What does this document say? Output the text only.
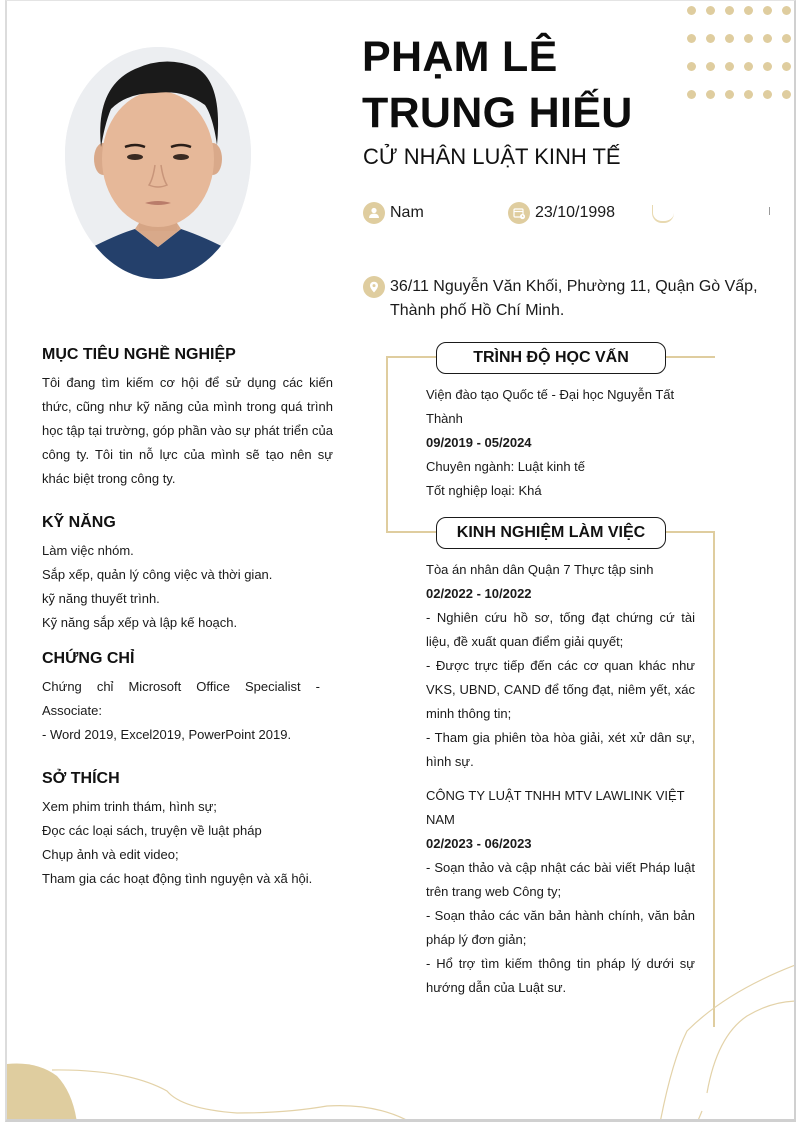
PHẠM LÊ
TRUNG HIẾU
CỬ NHÂN LUẬT KINH TẾ
Nam	23/10/1998
36/11 Nguyễn Văn Khối, Phường 11, Quận Gò Vấp,
Thành phố Hồ Chí Minh.
MỤC TIÊU NGHỀ NGHIỆP

Tôi đang tìm kiếm cơ hội để sử dụng các kiến thức, cũng như kỹ năng của mình trong quá trình học tập tại trường, góp phần vào sự phát triển của công ty. Tôi tin nỗ lực của mình sẽ tạo nên sự khác biệt trong công ty.

KỸ NĂNG

Làm việc nhóm.

Sắp xếp, quản lý công việc và thời gian.

kỹ năng thuyết trình.

Kỹ năng sắp xếp và lập kế hoạch.

CHỨNG CHỈ

Chứng chỉ Microsoft Office Specialist - Associate:

- Word 2019, Excel2019, PowerPoint 2019.

SỞ THÍCH

Xem phim trinh thám, hình sự;

Đọc các loại sách, truyện về luật pháp

Chụp ảnh và edit video;

Tham gia các hoạt động tình nguyện và xã hội.

TRÌNH ĐỘ HỌC VẤN

Viện đào tạo Quốc tế - Đại học Nguyễn Tất Thành

09/2019 - 05/2024

Chuyên ngành: Luật kinh tế

Tốt nghiệp loại: Khá

KINH NGHIỆM LÀM VIỆC

Tòa án nhân dân Quận 7 Thực tập sinh

02/2022 - 10/2022

- Nghiên cứu hồ sơ, tống đạt chứng cứ tài liệu, đề xuất quan điểm giải quyết;

- Được trực tiếp đến các cơ quan khác như VKS, UBND, CAND để tống đạt, niêm yết, xác minh thông tin;

- Tham gia phiên tòa hòa giải, xét xử dân sự, hình sự.

CÔNG TY LUẬT TNHH MTV LAWLINK VIỆT NAM

02/2023 - 06/2023

- Soạn thảo và cập nhật các bài viết Pháp luật trên trang web Công ty;

- Soạn thảo các văn bản hành chính, văn bản pháp lý đơn giản;

- Hổ trợ tìm kiếm thông tin pháp lý dưới sự hướng dẫn của Luật sư.
